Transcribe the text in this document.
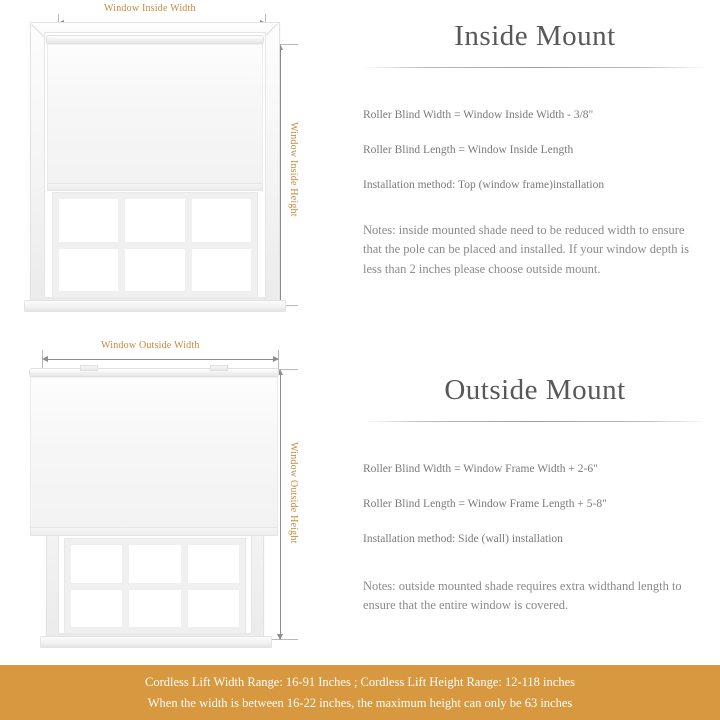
Window Inside Width
Window Inside Height
Window Outside Width
Window Outside Height
Inside Mount
Roller Blind Width = Window Inside Width - 3/8"
Roller Blind Length = Window Inside Length
Installation method: Top (window frame)installation
Notes: inside mounted shade need to be reduced width to ensure that the pole can be placed and installed. If your window depth is less than 2 inches please choose outside mount.
Outside Mount
Roller Blind Width = Window Frame Width + 2-6"
Roller Blind Length = Window Frame Length + 5-8"
Installation method: Side (wall) installation
Notes: outside mounted shade requires extra widthand length to ensure that the entire window is covered.
Cordless Lift Width Range: 16-91 Inches ; Cordless Lift Height Range: 12-118 inches
When the width is between 16-22 inches, the maximum height can only be 63 inches
